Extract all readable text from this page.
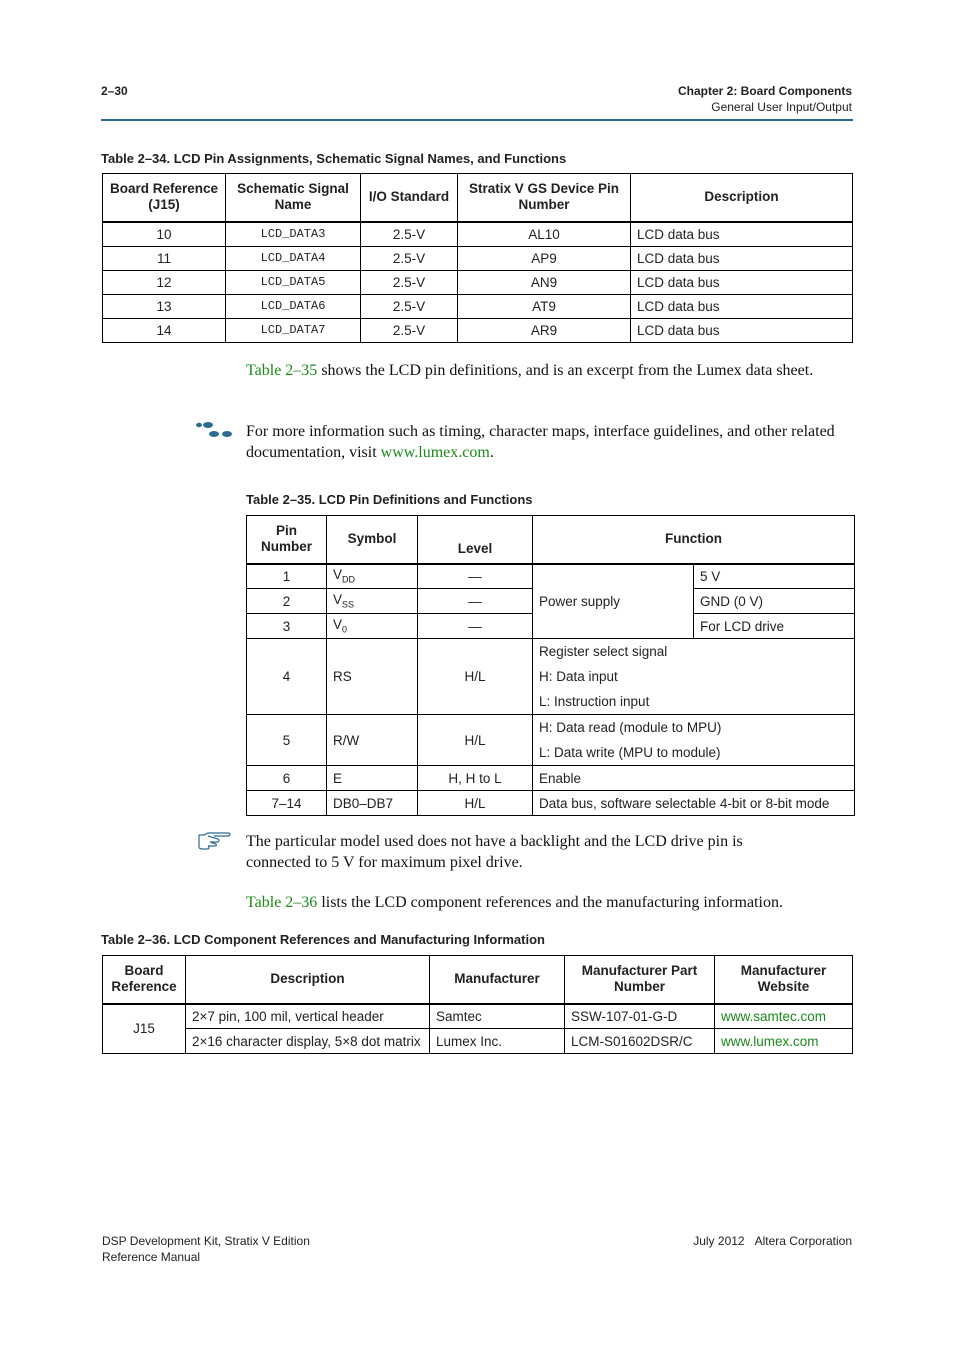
2–30	Chapter 2: Board Components
General User Input/Output
Table 2–34. LCD Pin Assignments, Schematic Signal Names, and Functions
Board Reference (J15)	Schematic Signal Name	I/O Standard	Stratix V GS Device Pin Number	Description
10	LCD_DATA3	2.5-V	AL10	LCD data bus
11	LCD_DATA4	2.5-V	AP9	LCD data bus
12	LCD_DATA5	2.5-V	AN9	LCD data bus
13	LCD_DATA6	2.5-V	AT9	LCD data bus
14	LCD_DATA7	2.5-V	AR9	LCD data bus
Table 2–35 shows the LCD pin definitions, and is an excerpt from the Lumex data sheet.
For more information such as timing, character maps, interface guidelines, and other related documentation, visit www.lumex.com.
Table 2–35. LCD Pin Definitions and Functions
Pin Number	Symbol	Level	Function	
1	$V_{DD}$	—	Power supply	5 V
2	$V_{SS}$	—		GND (0 V)
3	$V_0$	—		For LCD drive
4	RS	H/L	Register select signal
H: Data input
L: Instruction input	

5	R/W	H/L	H: Data read (module to MPU)
L: Data write (MPU to module)	

6	E	H, H to L	Enable	
7–14	DB0–DB7	H/L	Data bus, software selectable 4-bit or 8-bit mode	
The particular model used does not have a backlight and the LCD drive pin is connected to 5 V for maximum pixel drive.
Table 2–36 lists the LCD component references and the manufacturing information.
Table 2–36. LCD Component References and Manufacturing Information
Board Reference	Description	Manufacturer	Manufacturer Part Number	Manufacturer Website
J15	2×7 pin, 100 mil, vertical header	Samtec	SSW-107-01-G-D	www.samtec.com
	2×16 character display, 5×8 dot matrix	Lumex Inc.	LCM-S01602DSR/C	www.lumex.com
DSP Development Kit, Stratix V Edition
Reference Manual
July 2012 Altera Corporation
